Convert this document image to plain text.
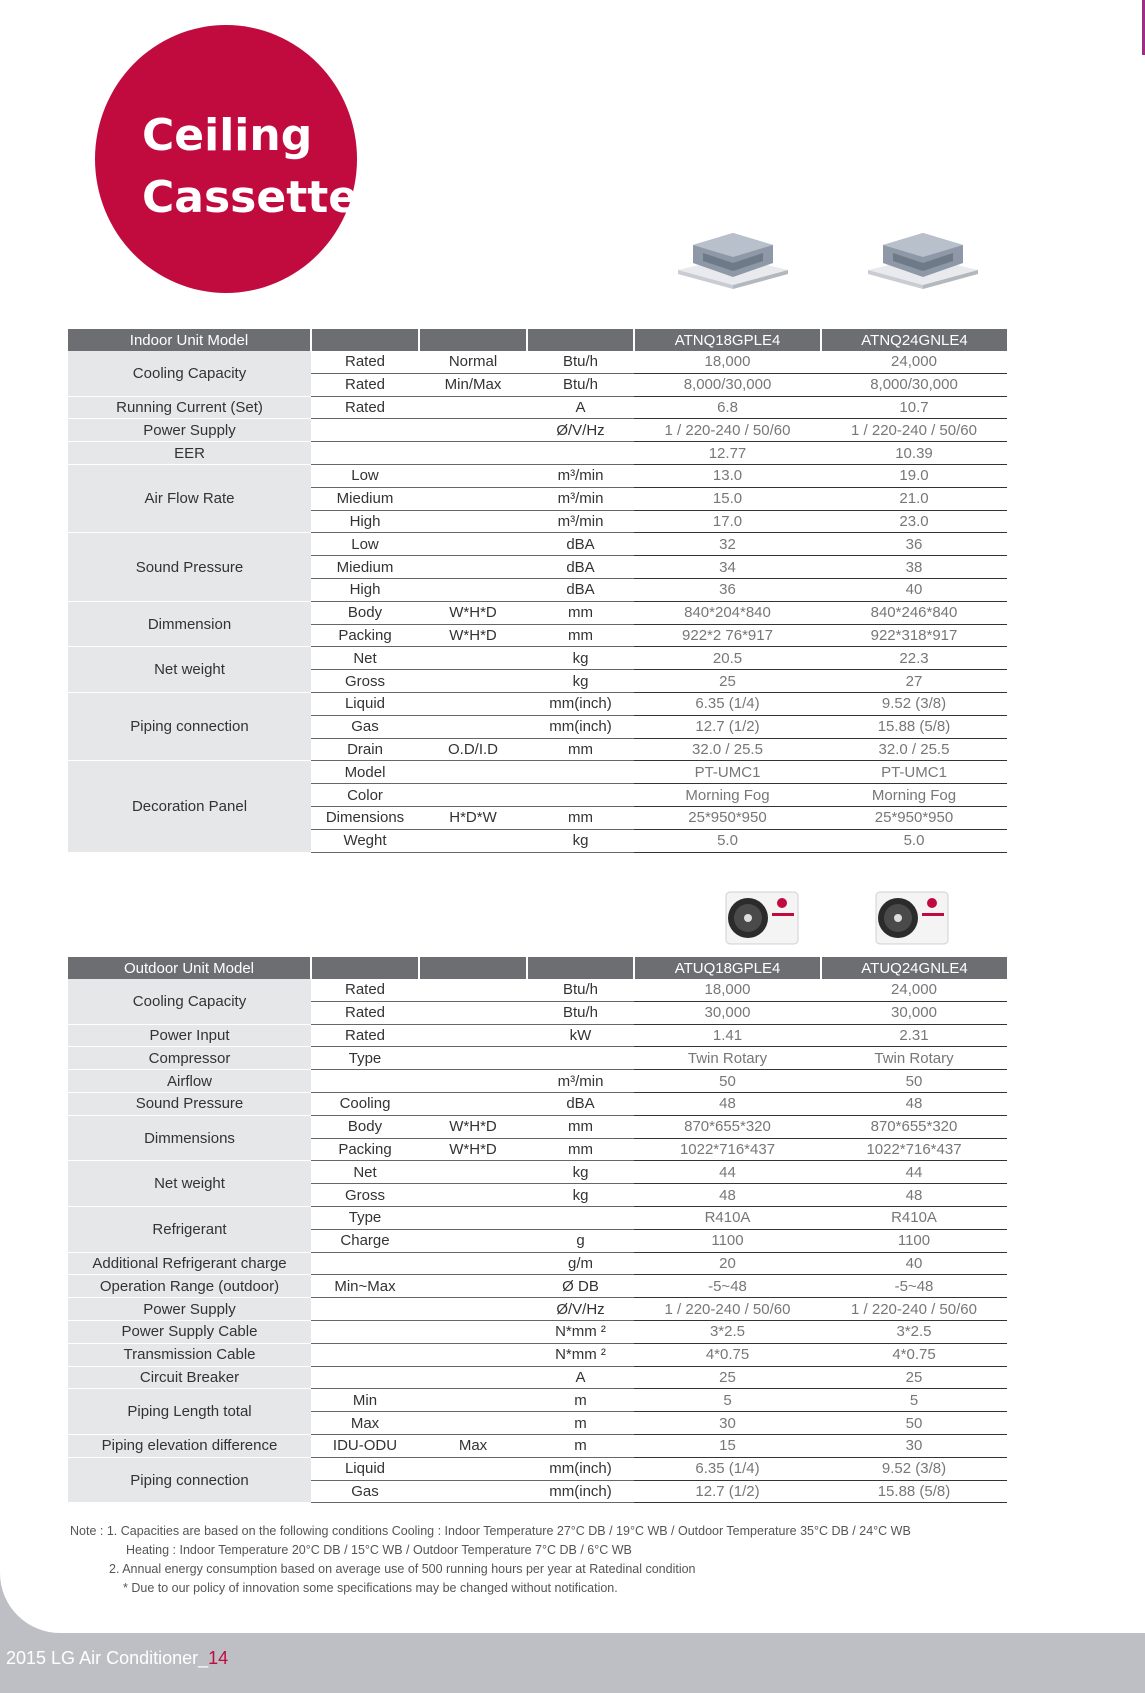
Ceiling
Cassette
Indoor Unit Model				ATNQ18GPLE4	ATNQ24GNLE4
Cooling Capacity	Rated	Normal	Btu/h	18,000	24,000
	Rated	Min/Max	Btu/h	8,000/30,000	8,000/30,000
Running Current (Set)	Rated		A	6.8	10.7
Power Supply			Ø/V/Hz	1 / 220-240 / 50/60	1 / 220-240 / 50/60
EER				12.77	10.39
Air Flow Rate	Low		m³/min	13.0	19.0
	Miedium		m³/min	15.0	21.0
	High		m³/min	17.0	23.0
Sound Pressure	Low		dBA	32	36
	Miedium		dBA	34	38
	High		dBA	36	40
Dimmension	Body	W*H*D	mm	840*204*840	840*246*840
	Packing	W*H*D	mm	922*2 76*917	922*318*917
Net weight	Net		kg	20.5	22.3
	Gross		kg	25	27
Piping connection	Liquid		mm(inch)	6.35 (1/4)	9.52 (3/8)
	Gas		mm(inch)	12.7 (1/2)	15.88 (5/8)
	Drain	O.D/I.D	mm	32.0 / 25.5	32.0 / 25.5
Decoration Panel	Model			PT-UMC1	PT-UMC1
	Color			Morning Fog	Morning Fog
	Dimensions	H*D*W	mm	25*950*950	25*950*950
	Weght		kg	5.0	5.0
Outdoor Unit Model				ATUQ18GPLE4	ATUQ24GNLE4
Cooling Capacity	Rated		Btu/h	18,000	24,000
	Rated		Btu/h	30,000	30,000
Power Input	Rated		kW	1.41	2.31
Compressor	Type			Twin Rotary	Twin Rotary
Airflow			m³/min	50	50
Sound Pressure	Cooling		dBA	48	48
Dimmensions	Body	W*H*D	mm	870*655*320	870*655*320
	Packing	W*H*D	mm	1022*716*437	1022*716*437
Net weight	Net		kg	44	44
	Gross		kg	48	48
Refrigerant	Type			R410A	R410A
	Charge		g	1100	1100
Additional Refrigerant charge			g/m	20	40
Operation Range (outdoor)	Min~Max		Ø DB	-5~48	-5~48
Power Supply			Ø/V/Hz	1 / 220-240 / 50/60	1 / 220-240 / 50/60
Power Supply Cable			N*mm ²	3*2.5	3*2.5
Transmission Cable			N*mm ²	4*0.75	4*0.75
Circuit Breaker			A	25	25
Piping Length total	Min		m	5	5
	Max		m	30	50
Piping elevation difference	IDU-ODU	Max	m	15	30
Piping connection	Liquid		mm(inch)	6.35 (1/4)	9.52 (3/8)
	Gas		mm(inch)	12.7 (1/2)	15.88 (5/8)
Note : 1. Capacities are based on the following conditions Cooling : Indoor Temperature 27°C DB / 19°C WB / Outdoor Temperature 35°C DB / 24°C WB
Heating : Indoor Temperature 20°C DB / 15°C WB / Outdoor Temperature 7°C DB / 6°C WB
2. Annual energy consumption based on average use of 500 running hours per year at Ratedinal condition
* Due to our policy of innovation some specifications may be changed without notification.
2015 LG Air Conditioner_14
